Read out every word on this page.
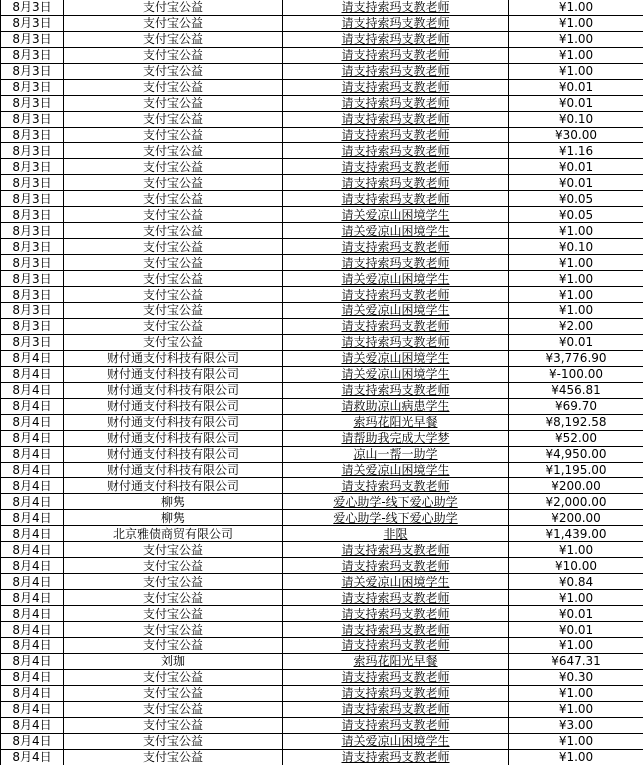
8月3日	支付宝公益	请支持索玛支教老师	¥1.00
8月3日	支付宝公益	请支持索玛支教老师	¥1.00
8月3日	支付宝公益	请支持索玛支教老师	¥1.00
8月3日	支付宝公益	请支持索玛支教老师	¥1.00
8月3日	支付宝公益	请支持索玛支教老师	¥1.00
8月3日	支付宝公益	请支持索玛支教老师	¥0.01
8月3日	支付宝公益	请支持索玛支教老师	¥0.01
8月3日	支付宝公益	请支持索玛支教老师	¥0.10
8月3日	支付宝公益	请支持索玛支教老师	¥30.00
8月3日	支付宝公益	请支持索玛支教老师	¥1.16
8月3日	支付宝公益	请支持索玛支教老师	¥0.01
8月3日	支付宝公益	请支持索玛支教老师	¥0.01
8月3日	支付宝公益	请支持索玛支教老师	¥0.05
8月3日	支付宝公益	请关爱凉山困境学生	¥0.05
8月3日	支付宝公益	请关爱凉山困境学生	¥1.00
8月3日	支付宝公益	请支持索玛支教老师	¥0.10
8月3日	支付宝公益	请支持索玛支教老师	¥1.00
8月3日	支付宝公益	请关爱凉山困境学生	¥1.00
8月3日	支付宝公益	请支持索玛支教老师	¥1.00
8月3日	支付宝公益	请关爱凉山困境学生	¥1.00
8月3日	支付宝公益	请支持索玛支教老师	¥2.00
8月3日	支付宝公益	请支持索玛支教老师	¥0.01
8月4日	财付通支付科技有限公司	请关爱凉山困境学生	¥3,776.90
8月4日	财付通支付科技有限公司	请关爱凉山困境学生	¥-100.00
8月4日	财付通支付科技有限公司	请支持索玛支教老师	¥456.81
8月4日	财付通支付科技有限公司	请救助凉山病患学生	¥69.70
8月4日	财付通支付科技有限公司	索玛花阳光早餐	¥8,192.58
8月4日	财付通支付科技有限公司	请帮助我完成大学梦	¥52.00
8月4日	财付通支付科技有限公司	凉山一帮一助学	¥4,950.00
8月4日	财付通支付科技有限公司	请关爱凉山困境学生	¥1,195.00
8月4日	财付通支付科技有限公司	请支持索玛支教老师	¥200.00
8月4日	柳隽	爱心助学-线下爱心助学	¥2,000.00
8月4日	柳隽	爱心助学-线下爱心助学	¥200.00
8月4日	北京雅债商贸有限公司	非限	¥1,439.00
8月4日	支付宝公益	请支持索玛支教老师	¥1.00
8月4日	支付宝公益	请支持索玛支教老师	¥10.00
8月4日	支付宝公益	请关爱凉山困境学生	¥0.84
8月4日	支付宝公益	请支持索玛支教老师	¥1.00
8月4日	支付宝公益	请支持索玛支教老师	¥0.01
8月4日	支付宝公益	请支持索玛支教老师	¥0.01
8月4日	支付宝公益	请支持索玛支教老师	¥1.00
8月4日	刘珈	索玛花阳光早餐	¥647.31
8月4日	支付宝公益	请支持索玛支教老师	¥0.30
8月4日	支付宝公益	请支持索玛支教老师	¥1.00
8月4日	支付宝公益	请支持索玛支教老师	¥1.00
8月4日	支付宝公益	请支持索玛支教老师	¥3.00
8月4日	支付宝公益	请关爱凉山困境学生	¥1.00
8月4日	支付宝公益	请支持索玛支教老师	¥1.00
